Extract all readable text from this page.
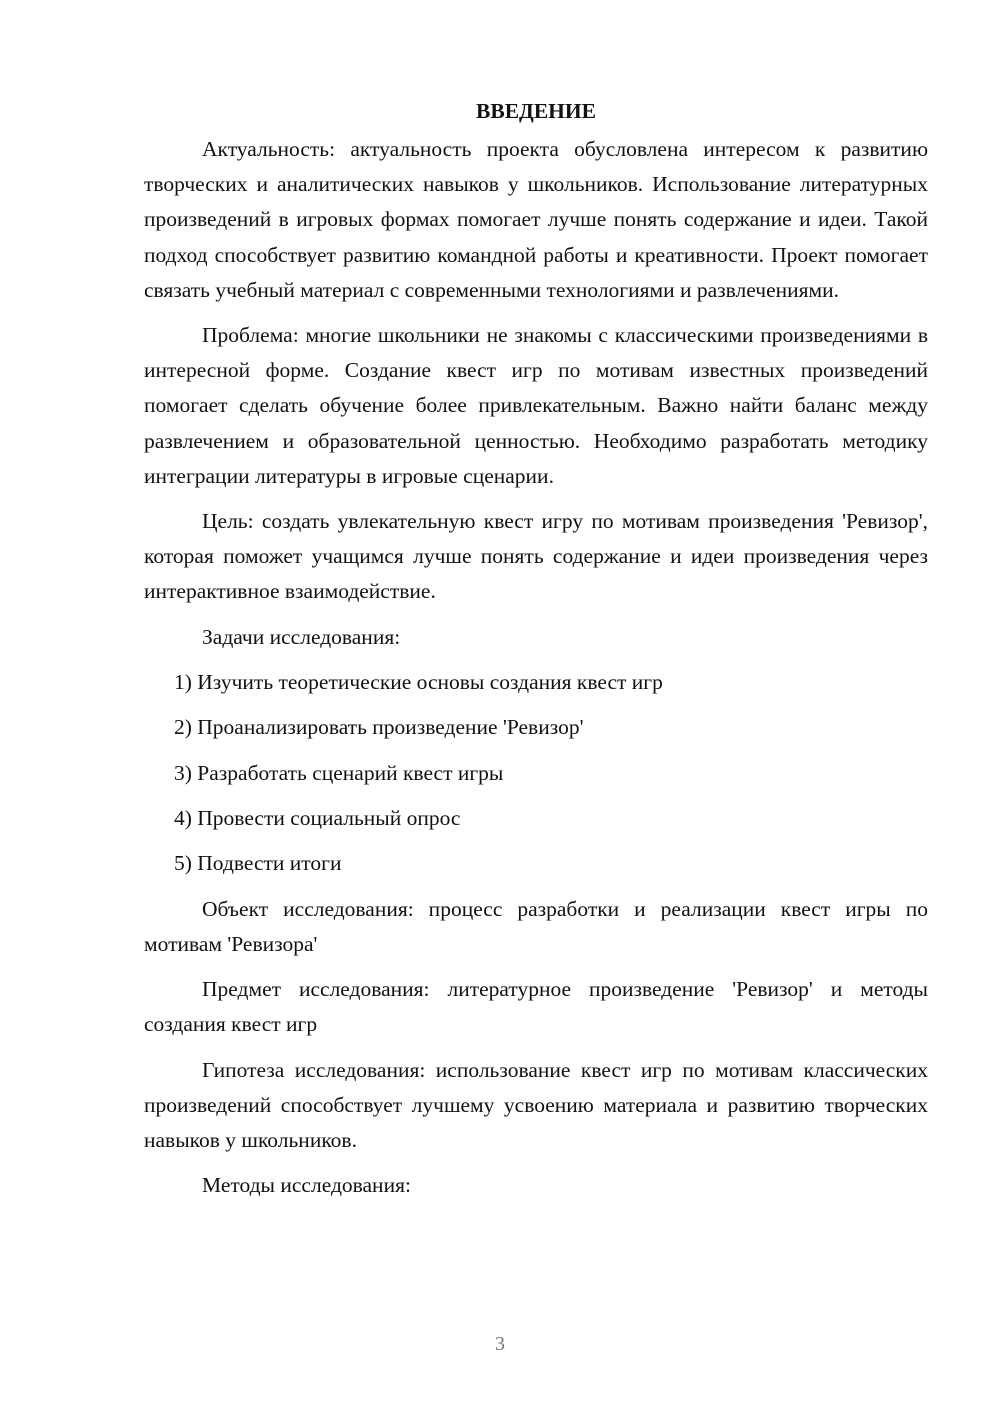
ВВЕДЕНИЕ

Актуальность: актуальность проекта обусловлена интересом к развитию творческих и аналитических навыков у школьников. Использование литературных произведений в игровых формах помогает лучше понять содержание и идеи. Такой подход способствует развитию командной работы и креативности. Проект помогает связать учебный материал с современными технологиями и развлечениями.

Проблема: многие школьники не знакомы с классическими произведениями в интересной форме. Создание квест игр по мотивам известных произведений помогает сделать обучение более привлекательным. Важно найти баланс между развлечением и образовательной ценностью. Необходимо разработать методику интеграции литературы в игровые сценарии.

Цель: создать увлекательную квест игру по мотивам произведения 'Ревизор', которая поможет учащимся лучше понять содержание и идеи произведения через интерактивное взаимодействие.

Задачи исследования:

1) Изучить теоретические основы создания квест игр
2) Проанализировать произведение 'Ревизор'
3) Разработать сценарий квест игры
4) Провести социальный опрос
5) Подвести итоги

Объект исследования: процесс разработки и реализации квест игры по мотивам 'Ревизора'

Предмет исследования: литературное произведение 'Ревизор' и методы создания квест игр

Гипотеза исследования: использование квест игр по мотивам классических произведений способствует лучшему усвоению материала и развитию творческих навыков у школьников.

Методы исследования:

3
